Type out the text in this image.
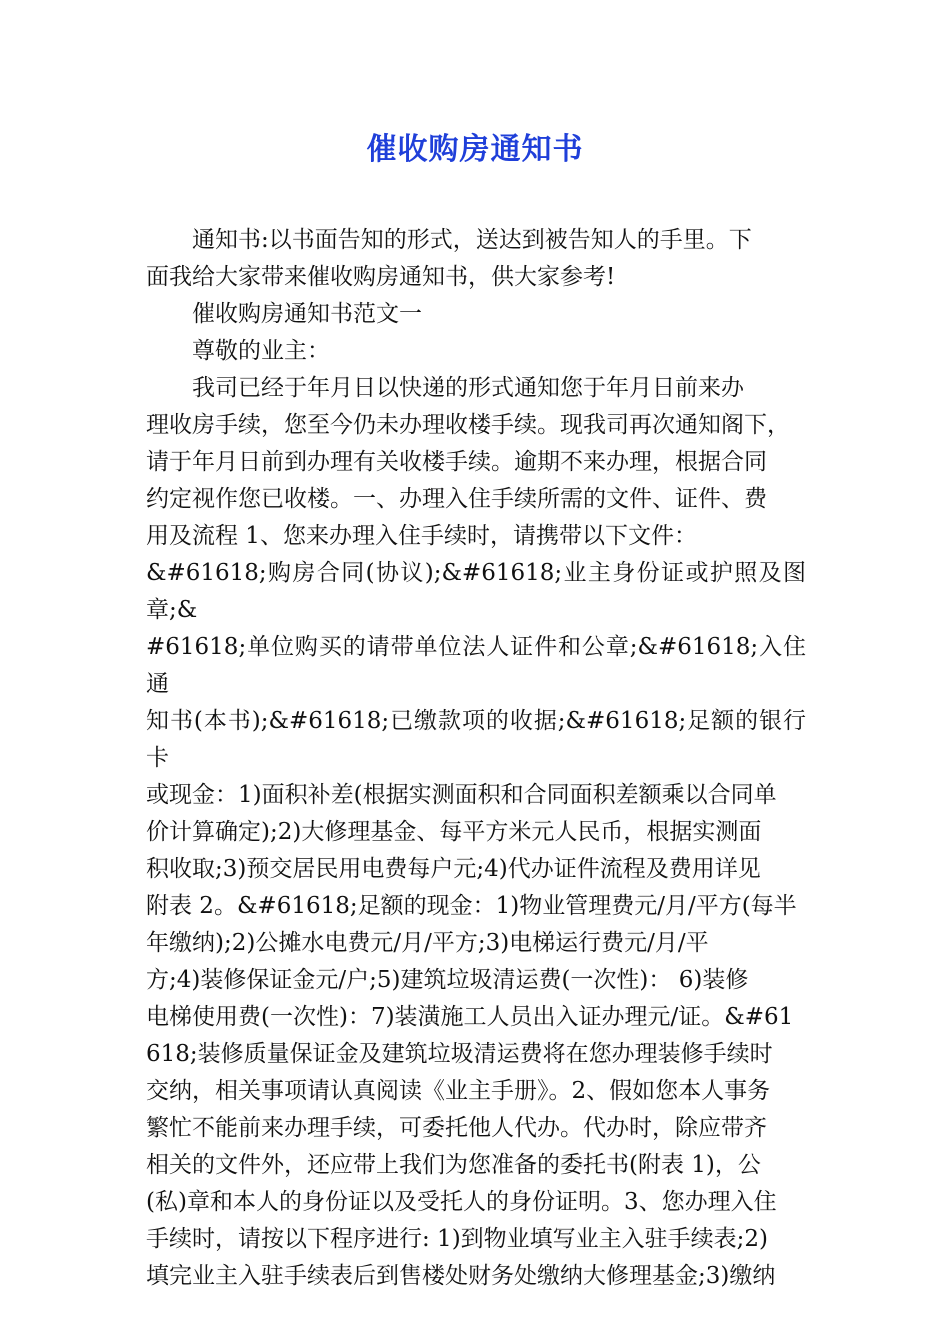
催收购房通知书

通知书:以书面告知的形式，送达到被告知人的手里。下
面我给大家带来催收购房通知书，供大家参考!

催收购房通知书范文一

尊敬的业主：

我司已经于年月日以快递的形式通知您于年月日前来办
理收房手续，您至今仍未办理收楼手续。现我司再次通知阁下，
请于年月日前到办理有关收楼手续。逾期不来办理，根据合同
约定视作您已收楼。一、办理入住手续所需的文件、证件、费
用及流程 1、您来办理入住手续时，请携带以下文件：
&#61618;购房合同(协议);&#61618;业主身份证或护照及图章;&
#61618;单位购买的请带单位法人证件和公章;&#61618;入住通
知书(本书);&#61618;已缴款项的收据;&#61618;足额的银行卡
或现金：1)面积补差(根据实测面积和合同面积差额乘以合同单
价计算确定);2)大修理基金、每平方米元人民币，根据实测面
积收取;3)预交居民用电费每户元;4)代办证件流程及费用详见
附表 2。&#61618;足额的现金：1)物业管理费元/月/平方(每半
年缴纳);2)公摊水电费元/月/平方;3)电梯运行费元/月/平
方;4)装修保证金元/户;5)建筑垃圾清运费(一次性)： 6)装修
电梯使用费(一次性)：7)装潢施工人员出入证办理元/证。&#61
618;装修质量保证金及建筑垃圾清运费将在您办理装修手续时
交纳，相关事项请认真阅读《业主手册》。2、假如您本人事务
繁忙不能前来办理手续，可委托他人代办。代办时，除应带齐
相关的文件外，还应带上我们为您准备的委托书(附表 1)，公
(私)章和本人的身份证以及受托人的身份证明。3、您办理入住
手续时，请按以下程序进行: 1)到物业填写业主入驻手续表;2)
填完业主入驻手续表后到售楼处财务处缴纳大修理基金;3)缴纳
